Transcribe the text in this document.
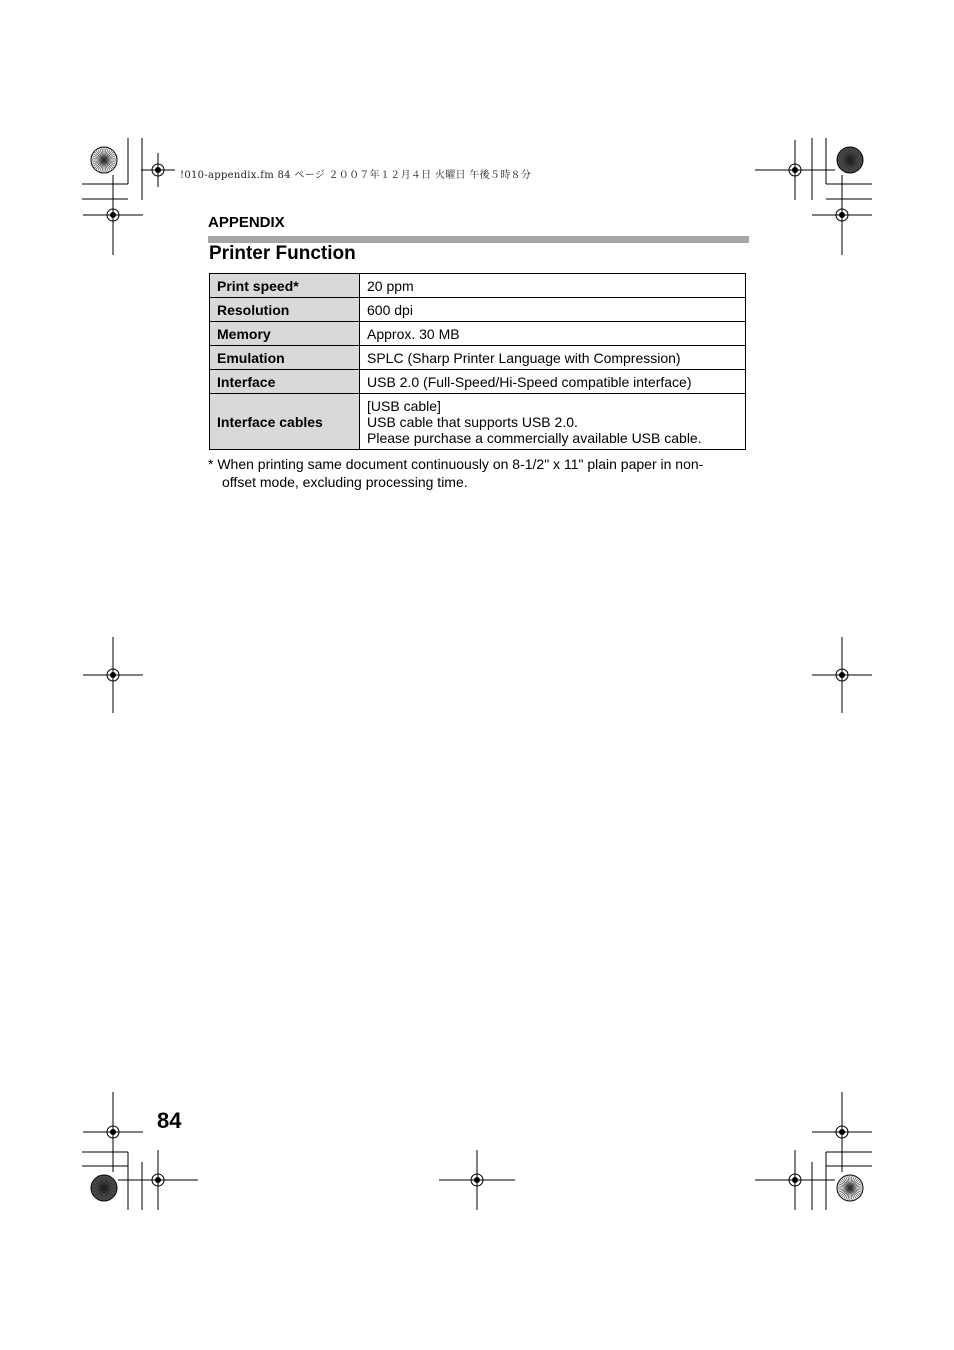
!010-appendix.fm 84 ページ ２００７年１２月４日 火曜日 午後５時８分
APPENDIX
Printer Function
Print speed*	20 ppm
Resolution	600 dpi
Memory	Approx. 30 MB
Emulation	SPLC (Sharp Printer Language with Compression)
Interface	USB 2.0 (Full-Speed/Hi-Speed compatible interface)
Interface cables	[USB cable]
USB cable that supports USB 2.0.
Please purchase a commercially available USB cable.
* When printing same document continuously on 8-1/2" x 11" plain paper in non-
offset mode, excluding processing time.
84
